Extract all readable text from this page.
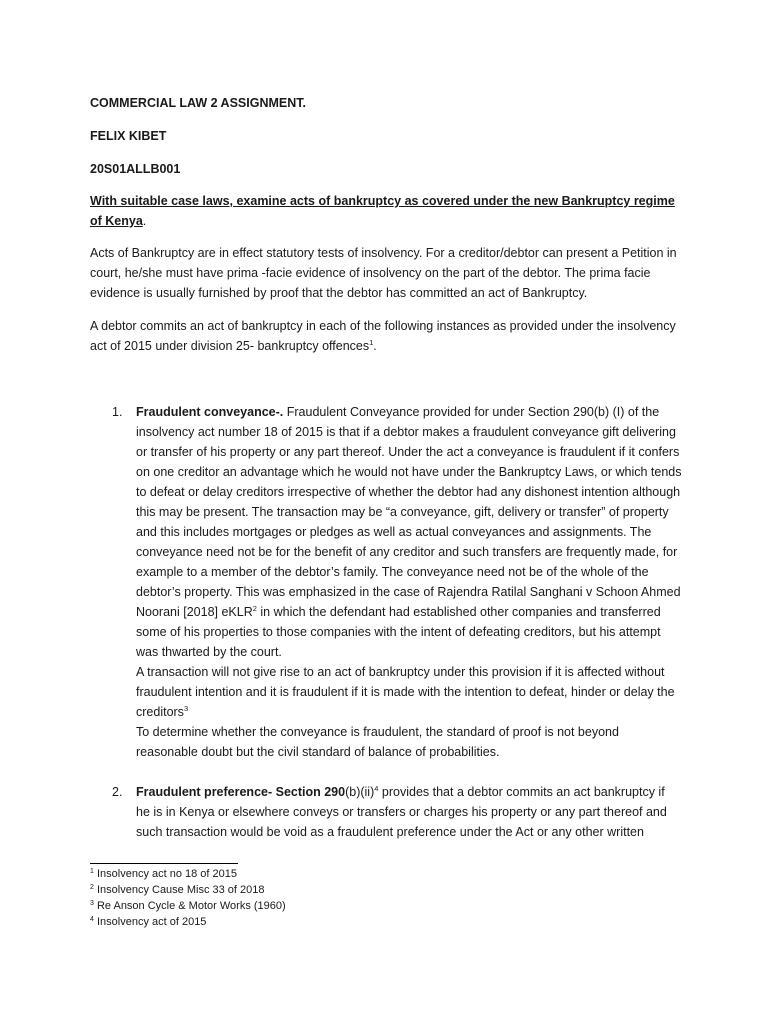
COMMERCIAL LAW 2 ASSIGNMENT.
FELIX KIBET
20S01ALLB001

With suitable case laws, examine acts of bankruptcy as covered under the new Bankruptcy regime of Kenya.

Acts of Bankruptcy are in effect statutory tests of insolvency. For a creditor/debtor can present a Petition in court, he/she must have prima -facie evidence of insolvency on the part of the debtor. The prima facie evidence is usually furnished by proof that the debtor has committed an act of Bankruptcy.

A debtor commits an act of bankruptcy in each of the following instances as provided under the insolvency act of 2015 under division 25- bankruptcy offences$^1$.

1. Fraudulent conveyance-. Fraudulent Conveyance provided for under Section 290(b) (I) of the insolvency act number 18 of 2015 is that if a debtor makes a fraudulent conveyance gift delivering or transfer of his property or any part thereof. Under the act a conveyance is fraudulent if it confers on one creditor an advantage which he would not have under the Bankruptcy Laws, or which tends to defeat or delay creditors irrespective of whether the debtor had any dishonest intention although this may be present. The transaction may be “a conveyance, gift, delivery or transfer” of property and this includes mortgages or pledges as well as actual conveyances and assignments. The conveyance need not be for the benefit of any creditor and such transfers are frequently made, for example to a member of the debtor’s family. The conveyance need not be of the whole of the debtor’s property. This was emphasized in the case of Rajendra Ratilal Sanghani v Schoon Ahmed Noorani [2018] eKLR$^2$ in which the defendant had established other companies and transferred some of his properties to those companies with the intent of defeating creditors, but his attempt was thwarted by the court.
A transaction will not give rise to an act of bankruptcy under this provision if it is affected without fraudulent intention and it is fraudulent if it is made with the intention to defeat, hinder or delay the creditors$^3$
To determine whether the conveyance is fraudulent, the standard of proof is not beyond reasonable doubt but the civil standard of balance of probabilities.
2. Fraudulent preference- Section 290(b)(ii)$^4$ provides that a debtor commits an act bankruptcy if he is in Kenya or elsewhere conveys or transfers or charges his property or any part thereof and such transaction would be void as a fraudulent preference under the Act or any other written
$^1$ Insolvency act no 18 of 2015
$^2$ Insolvency Cause Misc 33 of 2018
$^3$ Re Anson Cycle & Motor Works (1960)
$^4$ Insolvency act of 2015
